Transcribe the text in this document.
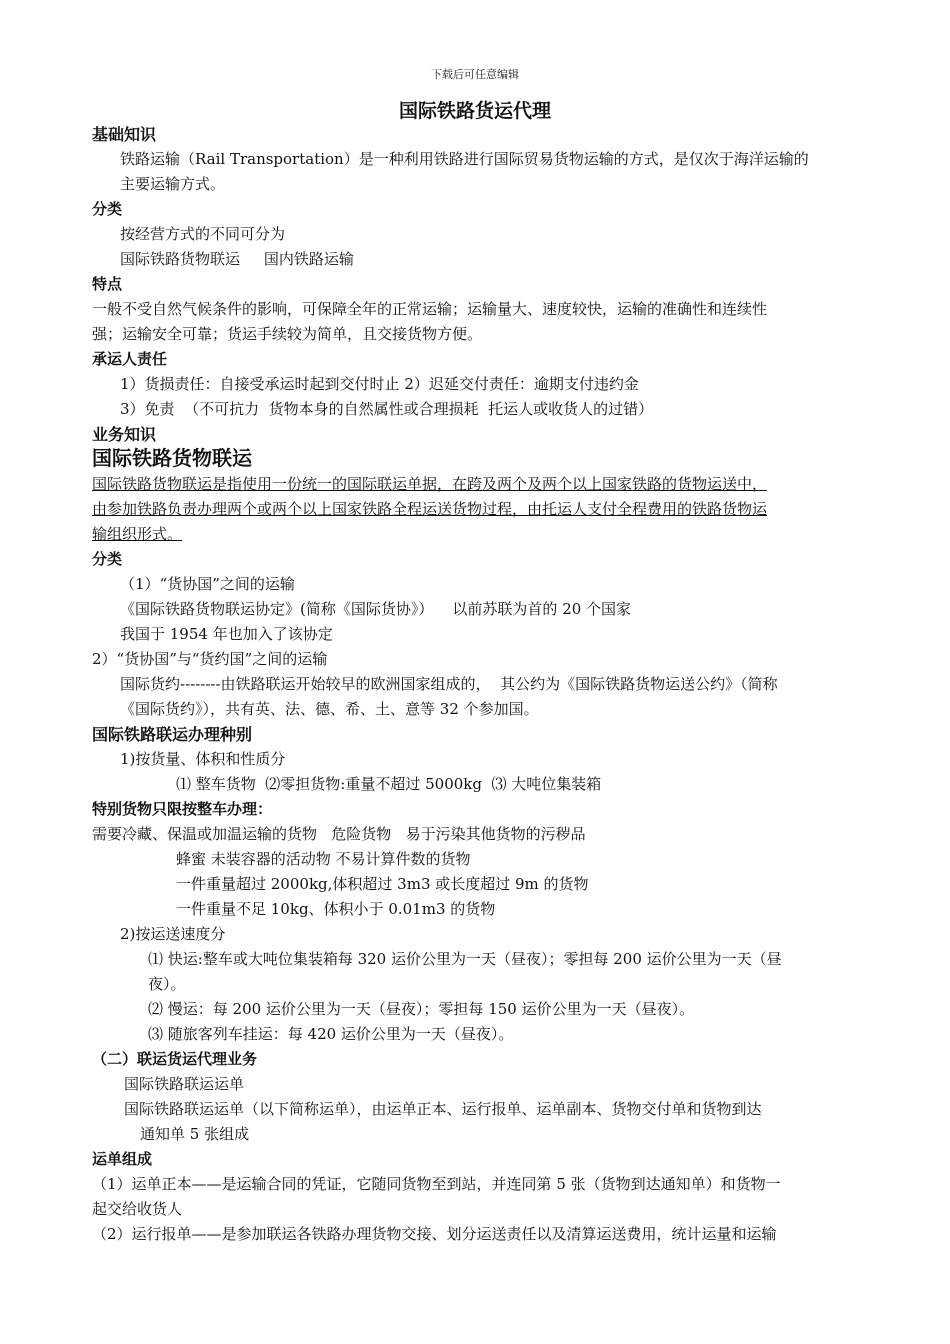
下载后可任意编辑
国际铁路货运代理
基础知识
铁路运输（Rail Transportation）是一种利用铁路进行国际贸易货物运输的方式，是仅次于海洋运输的
主要运输方式。
分类
按经营方式的不同可分为
国际铁路货物联运     国内铁路运输
特点
一般不受自然气候条件的影响，可保障全年的正常运输；运输量大、速度较快，运输的准确性和连续性
强；运输安全可靠；货运手续较为简单，且交接货物方便。
承运人责任
1）货损责任：自接受承运时起到交付时止 2）迟延交付责任：逾期支付违约金
3）免责  （不可抗力  货物本身的自然属性或合理损耗  托运人或收货人的过错）
业务知识
国际铁路货物联运
国际铁路货物联运是指使用一份统一的国际联运单据，在跨及两个及两个以上国家铁路的货物运送中，
由参加铁路负责办理两个或两个以上国家铁路全程运送货物过程，由托运人支付全程费用的铁路货物运
输组织形式。
分类
（1）“货协国”之间的运输
《国际铁路货物联运协定》(简称《国际货协》）    以前苏联为首的 20 个国家
我国于 1954 年也加入了该协定
2）“货协国”与“货约国”之间的运输
国际货约--------由铁路联运开始较早的欧洲国家组成的，  其公约为《国际铁路货物运送公约》（简称
《国际货约》），共有英、法、德、希、土、意等 32 个参加国。
国际铁路联运办理种别
1)按货量、体积和性质分
⑴ 整车货物  ⑵零担货物:重量不超过 5000kg  ⑶ 大吨位集装箱
特别货物只限按整车办理：
需要冷藏、保温或加温运输的货物   危险货物   易于污染其他货物的污秽品
蜂蜜 未装容器的活动物 不易计算件数的货物
一件重量超过 2000kg,体积超过 3m3 或长度超过 9m 的货物
一件重量不足 10kg、体积小于 0.01m3 的货物
2)按运送速度分
⑴ 快运:整车或大吨位集装箱每 320 运价公里为一天（昼夜）；零担每 200 运价公里为一天（昼
夜）。
⑵ 慢运：每 200 运价公里为一天（昼夜）；零担每 150 运价公里为一天（昼夜）。
⑶ 随旅客列车挂运：每 420 运价公里为一天（昼夜）。
（二）联运货运代理业务
国际铁路联运运单
国际铁路联运运单（以下简称运单），由运单正本、运行报单、运单副本、货物交付单和货物到达
通知单 5 张组成
运单组成
（1）运单正本——是运输合同的凭证，它随同货物至到站，并连同第 5 张（货物到达通知单）和货物一
起交给收货人
（2）运行报单——是参加联运各铁路办理货物交接、划分运送责任以及清算运送费用，统计运量和运输
